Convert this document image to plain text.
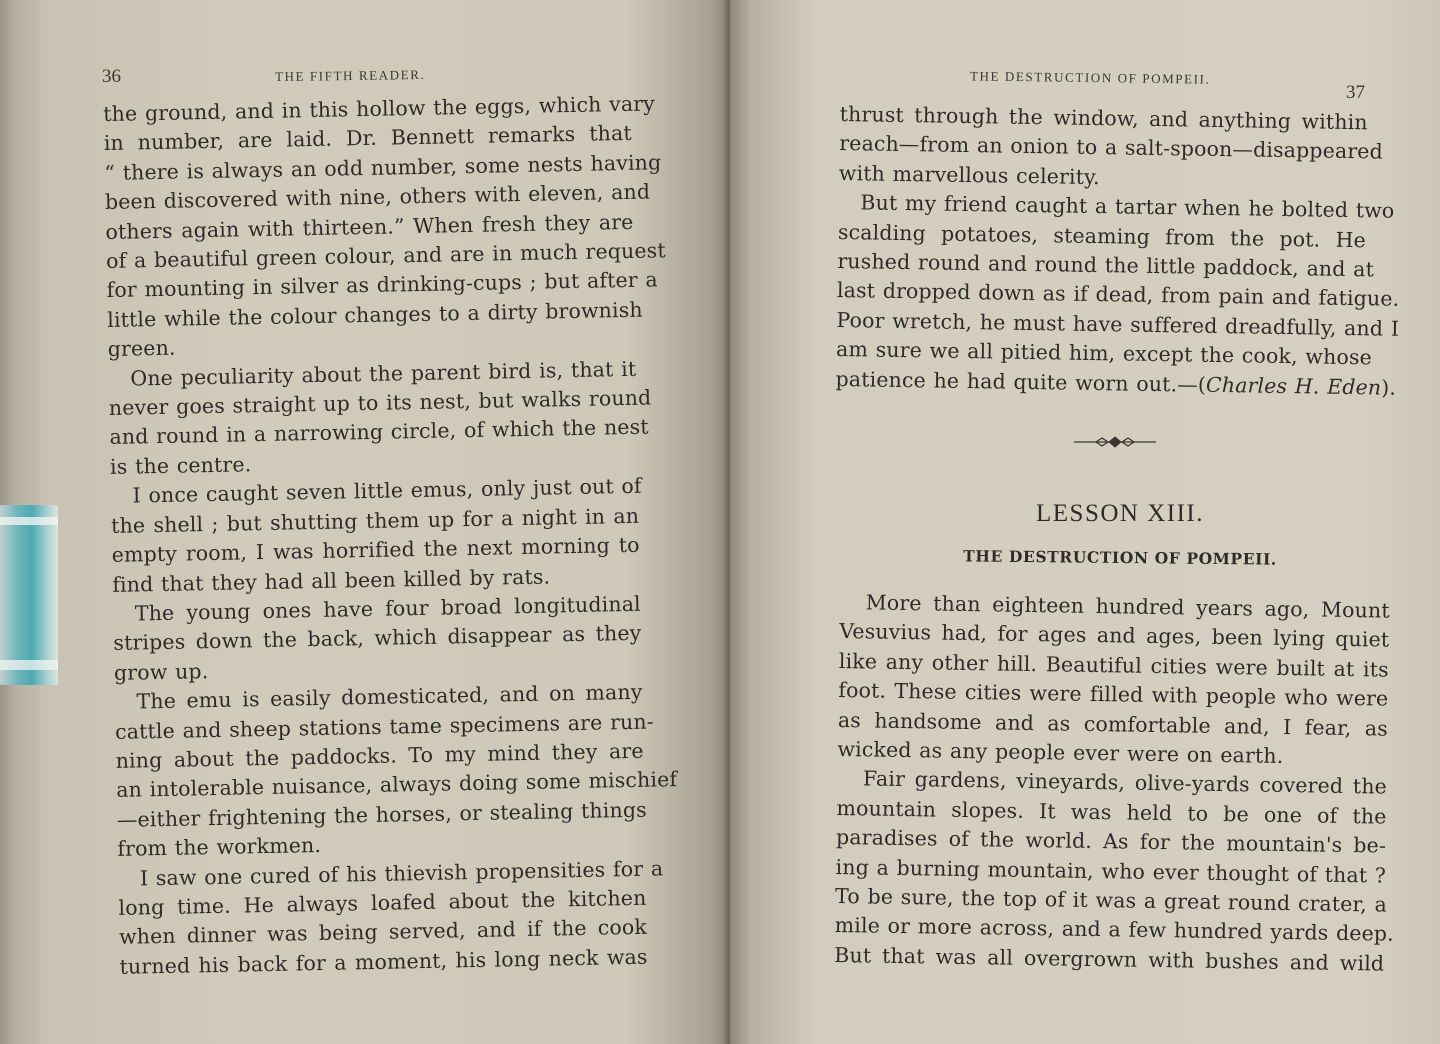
36	THE FIFTH READER.
the ground, and in this hollow the eggs, which vary
in number, are laid. Dr. Bennett remarks that
“ there is always an odd number, some nests having
been discovered with nine, others with eleven, and
others again with thirteen.” When fresh they are
of a beautiful green colour, and are in much request
for mounting in silver as drinking-cups ; but after a
little while the colour changes to a dirty brownish
green.
One peculiarity about the parent bird is, that it
never goes straight up to its nest, but walks round
and round in a narrowing circle, of which the nest
is the centre.
I once caught seven little emus, only just out of
the shell ; but shutting them up for a night in an
empty room, I was horrified the next morning to
find that they had all been killed by rats.
The young ones have four broad longitudinal
stripes down the back, which disappear as they
grow up.
The emu is easily domesticated, and on many
cattle and sheep stations tame specimens are run-
ning about the paddocks. To my mind they are
an intolerable nuisance, always doing some mischief
—either frightening the horses, or stealing things
from the workmen.
I saw one cured of his thievish propensities for a
long time. He always loafed about the kitchen
when dinner was being served, and if the cook
turned his back for a moment, his long neck was
THE DESTRUCTION OF POMPEII.
37
thrust through the window, and anything within
reach—from an onion to a salt-spoon—disappeared
with marvellous celerity.
But my friend caught a tartar when he bolted two
scalding potatoes, steaming from the pot. He
rushed round and round the little paddock, and at
last dropped down as if dead, from pain and fatigue.
Poor wretch, he must have suffered dreadfully, and I
am sure we all pitied him, except the cook, whose
patience he had quite worn out.—(Charles H. Eden).
LESSON XIII.
THE DESTRUCTION OF POMPEII.
More than eighteen hundred years ago, Mount
Vesuvius had, for ages and ages, been lying quiet
like any other hill. Beautiful cities were built at its
foot. These cities were filled with people who were
as handsome and as comfortable and, I fear, as
wicked as any people ever were on earth.
Fair gardens, vineyards, olive-yards covered the
mountain slopes. It was held to be one of the
paradises of the world. As for the mountain's be-
ing a burning mountain, who ever thought of that ?
To be sure, the top of it was a great round crater, a
mile or more across, and a few hundred yards deep.
But that was all overgrown with bushes and wild
